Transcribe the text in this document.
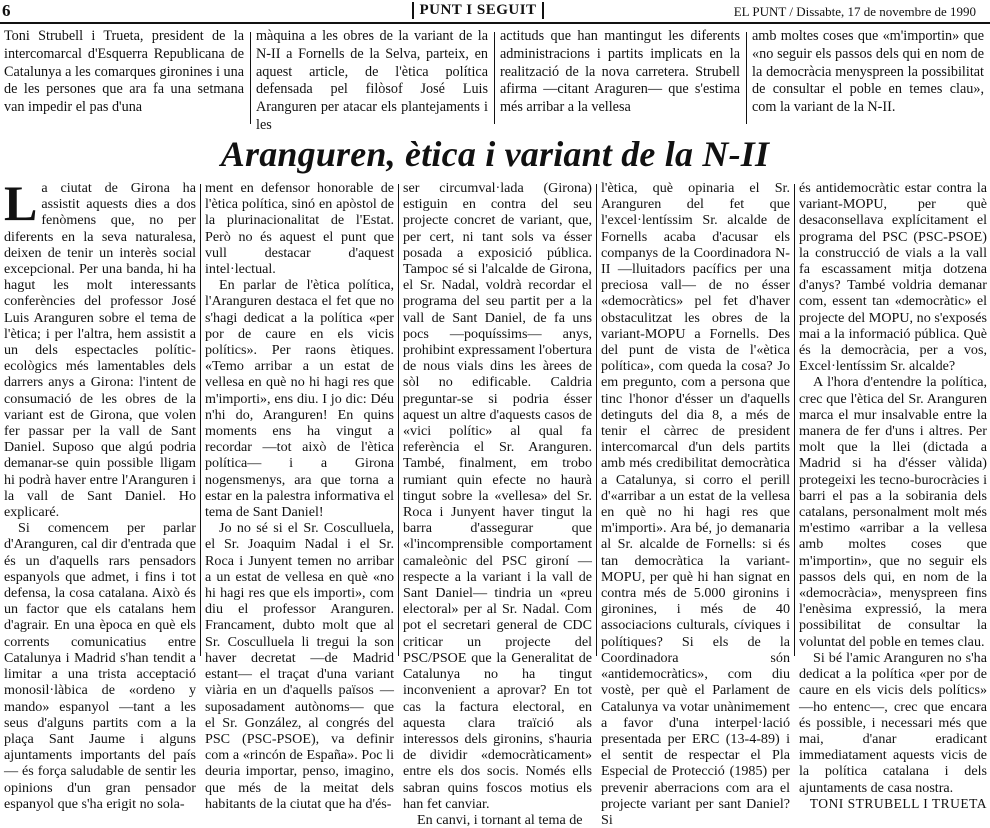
6	PUNT I SEGUIT	EL PUNT / Dissabte, 17 de novembre de 1990
Toni Strubell i Trueta, president de la intercomarcal d'Esquerra Republicana de Catalunya a les comarques gironines i una de les persones que ara fa una setmana van impedir el pas d'una
màquina a les obres de la variant de la N-II a Fornells de la Selva, parteix, en aquest article, de l'ètica política defensada pel filòsof José Luis Aranguren per atacar els plantejaments i les
actituds que han mantingut les diferents administracions i partits implicats en la realització de la nova carretera. Strubell afirma —citant Araguren— que s'estima més arribar a la vellesa
amb moltes coses que «m'importin» que «no seguir els passos dels qui en nom de la democràcia menyspreen la possibilitat de consultar el poble en temes clau», com la variant de la N-II.
Aranguren, ètica i variant de la N-II

La ciutat de Girona ha assistit aquests dies a dos fenòmens que, no per diferents en la seva naturalesa, deixen de tenir un interès social excepcional. Per una banda, hi ha hagut les molt interessants conferències del professor José Luis Aranguren sobre el tema de l'ètica; i per l'altra, hem assistit a un dels espectacles polític-ecològics més lamentables dels darrers anys a Girona: l'intent de consumació de les obres de la variant est de Girona, que volen fer passar per la vall de Sant Daniel. Suposo que algú podria demanar-se quin possible lligam hi podrà haver entre l'Aranguren i la vall de Sant Daniel. Ho explicaré.

Si comencem per parlar d'Aranguren, cal dir d'entrada que és un d'aquells rars pensadors espanyols que admet, i fins i tot defensa, la cosa catalana. Això és un factor que els catalans hem d'agrair. En una època en què els corrents comunicatius entre Catalunya i Madrid s'han tendit a limitar a una trista acceptació monosil·làbica de «ordeno y mando» espanyol —tant a les seus d'alguns partits com a la plaça Sant Jaume i alguns ajuntaments importants del país— és força saludable de sentir les opinions d'un gran pensador espanyol que s'ha erigit no sola-

ment en defensor honorable de l'ètica política, sinó en apòstol de la plurinacionalitat de l'Estat. Però no és aquest el punt que vull destacar d'aquest intel·lectual.

En parlar de l'ètica política, l'Aranguren destaca el fet que no s'hagi dedicat a la política «per por de caure en els vicis polítics». Per raons ètiques. «Temo arribar a un estat de vellesa en què no hi hagi res que m'importi», ens diu. I jo dic: Déu n'hi do, Aranguren! En quins moments ens ha vingut a recordar —tot això de l'ètica política— i a Girona nogensmenys, ara que torna a estar en la palestra informativa el tema de Sant Daniel!

Jo no sé si el Sr. Cosculluela, el Sr. Joaquim Nadal i el Sr. Roca i Junyent temen no arribar a un estat de vellesa en què «no hi hagi res que els importi», com diu el professor Aranguren. Francament, dubto molt que al Sr. Cosculluela li tregui la son haver decretat —de Madrid estant— el traçat d'una variant viària en un d'aquells països —suposadament autònoms— que el Sr. González, al congrés del PSC (PSC-PSOE), va definir com a «rincón de España». Poc li deuria importar, penso, imagino, que més de la meitat dels habitants de la ciutat que ha d'és-

ser circumval·lada (Girona) estiguin en contra del seu projecte concret de variant, que, per cert, ni tant sols va ésser posada a exposició pública. Tampoc sé si l'alcalde de Girona, el Sr. Nadal, voldrà recordar el programa del seu partit per a la vall de Sant Daniel, de fa uns pocs —poquíssims— anys, prohibint expressament l'obertura de nous vials dins les àrees de sòl no edificable. Caldria preguntar-se si podria ésser aquest un altre d'aquests casos de «vici polític» al qual fa referència el Sr. Aranguren. També, finalment, em trobo rumiant quin efecte no haurà tingut sobre la «vellesa» del Sr. Roca i Junyent haver tingut la barra d'assegurar que «l'incomprensible comportament camaleònic del PSC gironí —respecte a la variant i la vall de Sant Daniel— tindria un «preu electoral» per al Sr. Nadal. Com pot el secretari general de CDC criticar un projecte del PSC/PSOE que la Generalitat de Catalunya no ha tingut inconvenient a aprovar? En tot cas la factura electoral, en aquesta clara traïció als interessos dels gironins, s'hauria de dividir «democràticament» entre els dos socis. Només ells sabran quins foscos motius els han fet canviar.

En canvi, i tornant al tema de

l'ètica, què opinaria el Sr. Aranguren del fet que l'excel·lentíssim Sr. alcalde de Fornells acaba d'acusar els companys de la Coordinadora N-II —lluitadors pacífics per una preciosa vall— de no ésser «democràtics» pel fet d'haver obstaculitzat les obres de la variant-MOPU a Fornells. Des del punt de vista de l'«ètica política», com queda la cosa? Jo em pregunto, com a persona que tinc l'honor d'ésser un d'aquells detinguts del dia 8, a més de tenir el càrrec de president intercomarcal d'un dels partits amb més credibilitat democràtica a Catalunya, si corro el perill d'«arribar a un estat de la vellesa en què no hi hagi res que m'importi». Ara bé, jo demanaria al Sr. alcalde de Fornells: si és tan democràtica la variant-MOPU, per què hi han signat en contra més de 5.000 gironins i gironines, i més de 40 associacions culturals, cíviques i polítiques? Si els de la Coordinadora són «antidemocràtics», com diu vostè, per què el Parlament de Catalunya va votar unànimement a favor d'una interpel·lació presentada per ERC (13-4-89) i el sentit de respectar el Pla Especial de Protecció (1985) per prevenir aberracions com ara el projecte variant per sant Daniel? Si

és antidemocràtic estar contra la variant-MOPU, per què desaconsellava explícitament el programa del PSC (PSC-PSOE) la construcció de vials a la vall fa escassament mitja dotzena d'anys? També voldria demanar com, essent tan «democràtic» el projecte del MOPU, no s'exposés mai a la informació pública. Què és la democràcia, per a vos, Excel·lentíssim Sr. alcalde?

A l'hora d'entendre la política, crec que l'ètica del Sr. Aranguren marca el mur insalvable entre la manera de fer d'uns i altres. Per molt que la llei (dictada a Madrid si ha d'ésser vàlida) protegeixi les tecno-burocràcies i barri el pas a la sobirania dels catalans, personalment molt més m'estimo «arribar a la vellesa amb moltes coses que m'importin», que no seguir els passos dels qui, en nom de la «democràcia», menyspreen fins l'enèsima expressió, la mera possibilitat de consultar la voluntat del poble en temes clau.

Si bé l'amic Aranguren no s'ha dedicat a la política «per por de caure en els vicis dels polítics» —ho entenc—, crec que encara és possible, i necessari més que mai, d'anar eradicant immediatament aquests vicis de la política catalana i dels ajuntaments de casa nostra.

TONI STRUBELL I TRUETA
